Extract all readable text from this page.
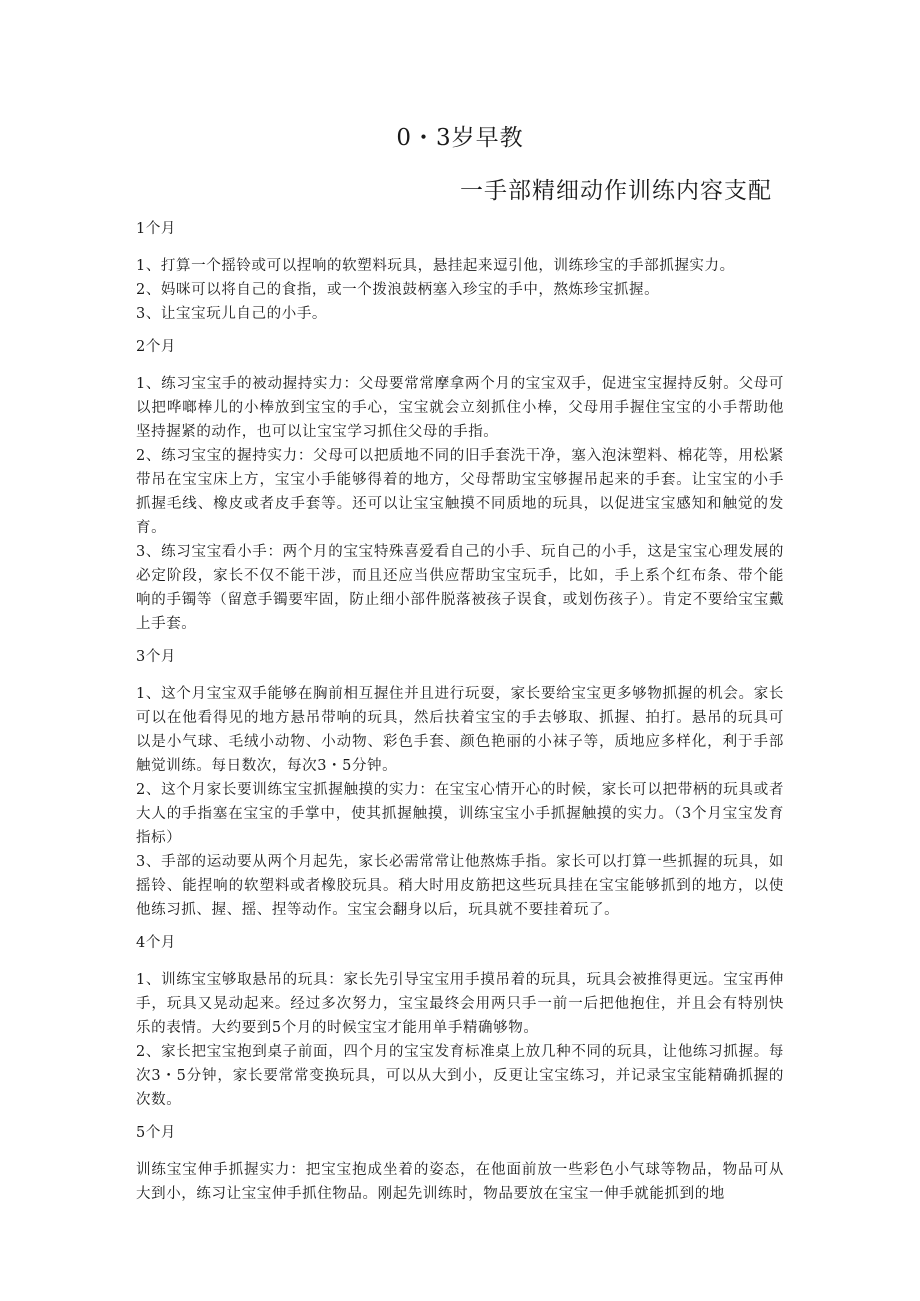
0・3岁早教
一手部精细动作训练内容支配

1个月

1、打算一个摇铃或可以捏响的软塑料玩具，悬挂起来逗引他，训练珍宝的手部抓握实力。

2、妈咪可以将自己的食指，或一个拨浪鼓柄塞入珍宝的手中，熬炼珍宝抓握。

3、让宝宝玩儿自己的小手。

2个月

1、练习宝宝手的被动握持实力：父母要常常摩拿两个月的宝宝双手，促进宝宝握持反射。父母可以把哗啷棒儿的小棒放到宝宝的手心，宝宝就会立刻抓住小棒，父母用手握住宝宝的小手帮助他坚持握紧的动作，也可以让宝宝学习抓住父母的手指。

2、练习宝宝的握持实力：父母可以把质地不同的旧手套洗干净，塞入泡沫塑料、棉花等，用松紧带吊在宝宝床上方，宝宝小手能够得着的地方，父母帮助宝宝够握吊起来的手套。让宝宝的小手抓握毛线、橡皮或者皮手套等。还可以让宝宝触摸不同质地的玩具，以促进宝宝感知和触觉的发育。

3、练习宝宝看小手：两个月的宝宝特殊喜爱看自己的小手、玩自己的小手，这是宝宝心理发展的必定阶段，家长不仅不能干涉，而且还应当供应帮助宝宝玩手，比如，手上系个红布条、带个能响的手镯等（留意手镯要牢固，防止细小部件脱落被孩子误食，或划伤孩子）。肯定不要给宝宝戴上手套。

3个月

1、这个月宝宝双手能够在胸前相互握住并且进行玩耍，家长要给宝宝更多够物抓握的机会。家长可以在他看得见的地方悬吊带响的玩具，然后扶着宝宝的手去够取、抓握、拍打。悬吊的玩具可以是小气球、毛绒小动物、小动物、彩色手套、颜色艳丽的小袜子等，质地应多样化，利于手部触觉训练。每日数次，每次3・5分钟。

2、这个月家长要训练宝宝抓握触摸的实力：在宝宝心情开心的时候，家长可以把带柄的玩具或者大人的手指塞在宝宝的手掌中，使其抓握触摸，训练宝宝小手抓握触摸的实力。（3个月宝宝发育指标）

3、手部的运动要从两个月起先，家长必需常常让他熬炼手指。家长可以打算一些抓握的玩具，如摇铃、能捏响的软塑料或者橡胶玩具。稍大时用皮筋把这些玩具挂在宝宝能够抓到的地方，以使他练习抓、握、摇、捏等动作。宝宝会翻身以后，玩具就不要挂着玩了。

4个月

1、训练宝宝够取悬吊的玩具：家长先引导宝宝用手摸吊着的玩具，玩具会被推得更远。宝宝再伸手，玩具又晃动起来。经过多次努力，宝宝最终会用两只手一前一后把他抱住，并且会有特别快乐的表情。大约要到5个月的时候宝宝才能用单手精确够物。

2、家长把宝宝抱到桌子前面，四个月的宝宝发育标准桌上放几种不同的玩具，让他练习抓握。每次3・5分钟，家长要常常变换玩具，可以从大到小，反更让宝宝练习，并记录宝宝能精确抓握的次数。

5个月

训练宝宝伸手抓握实力：把宝宝抱成坐着的姿态，在他面前放一些彩色小气球等物品，物品可从大到小，练习让宝宝伸手抓住物品。刚起先训练时，物品要放在宝宝一伸手就能抓到的地
